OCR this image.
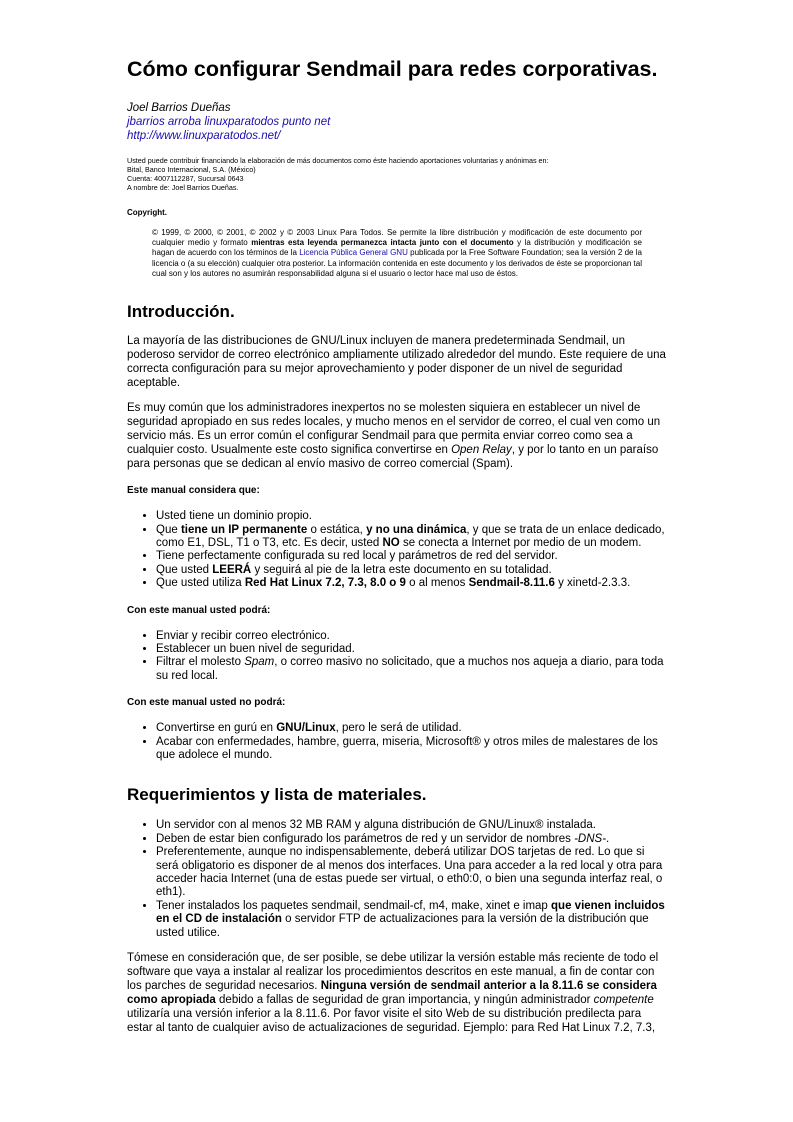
Cómo configurar Sendmail para redes corporativas.
Joel Barrios Dueñas
jbarrios arroba linuxparatodos punto net
http://www.linuxparatodos.net/
Usted puede contribuir financiando la elaboración de más documentos como éste haciendo aportaciones voluntarias y anónimas en:
Bital, Banco Internacional, S.A. (México)
Cuenta: 4007112287, Sucursal 0643
A nombre de: Joel Barrios Dueñas.
Copyright.
© 1999, © 2000, © 2001, © 2002 y © 2003 Linux Para Todos. Se permite la libre distribución y modificación de este documento por cualquier medio y formato mientras esta leyenda permanezca intacta junto con el documento y la distribución y modificación se hagan de acuerdo con los términos de la Licencia Pública General GNU publicada por la Free Software Foundation; sea la versión 2 de la licencia o (a su elección) cualquier otra posterior. La información contenida en este documento y los derivados de éste se proporcionan tal cual son y los autores no asumirán responsabilidad alguna si el usuario o lector hace mal uso de éstos.
Introducción.

La mayoría de las distribuciones de GNU/Linux incluyen de manera predeterminada Sendmail, un poderoso servidor de correo electrónico ampliamente utilizado alrededor del mundo. Este requiere de una correcta configuración para su mejor aprovechamiento y poder disponer de un nivel de seguridad aceptable.

Es muy común que los administradores inexpertos no se molesten siquiera en establecer un nivel de seguridad apropiado en sus redes locales, y mucho menos en el servidor de correo, el cual ven como un servicio más. Es un error común el configurar Sendmail para que permita enviar correo como sea a cualquier costo. Usualmente este costo significa convertirse en Open Relay, y por lo tanto en un paraíso para personas que se dedican al envío masivo de correo comercial (Spam).

Este manual considera que:
• Usted tiene un dominio propio.
• Que tiene un IP permanente o estática, y no una dinámica, y que se trata de un enlace dedicado, como E1, DSL, T1 o T3, etc. Es decir, usted NO se conecta a Internet por medio de un modem.
• Tiene perfectamente configurada su red local y parámetros de red del servidor.
• Que usted LEERÁ y seguirá al pie de la letra este documento en su totalidad.
• Que usted utiliza Red Hat Linux 7.2, 7.3, 8.0 o 9 o al menos Sendmail-8.11.6 y xinetd-2.3.3.
Con este manual usted podrá:
• Enviar y recibir correo electrónico.
• Establecer un buen nivel de seguridad.
• Filtrar el molesto Spam, o correo masivo no solicitado, que a muchos nos aqueja a diario, para toda su red local.
Con este manual usted no podrá:
• Convertirse en gurú en GNU/Linux, pero le será de utilidad.
• Acabar con enfermedades, hambre, guerra, miseria, Microsoft® y otros miles de malestares de los que adolece el mundo.
Requerimientos y lista de materiales.
• Un servidor con al menos 32 MB RAM y alguna distribución de GNU/Linux® instalada.
• Deben de estar bien configurado los parámetros de red y un servidor de nombres -DNS-.
• Preferentemente, aunque no indispensablemente, deberá utilizar DOS tarjetas de red. Lo que si será obligatorio es disponer de al menos dos interfaces. Una para acceder a la red local y otra para acceder hacia Internet (una de estas puede ser virtual, o eth0:0, o bien una segunda interfaz real, o eth1).
• Tener instalados los paquetes sendmail, sendmail-cf, m4, make, xinet e imap que vienen incluidos en el CD de instalación o servidor FTP de actualizaciones para la versión de la distribución que usted utilice.

Tómese en consideración que, de ser posible, se debe utilizar la versión estable más reciente de todo el software que vaya a instalar al realizar los procedimientos descritos en este manual, a fin de contar con los parches de seguridad necesarios. Ninguna versión de sendmail anterior a la 8.11.6 se considera como apropiada debido a fallas de seguridad de gran importancia, y ningún administrador competente utilizaría una versión inferior a la 8.11.6. Por favor visite el sito Web de su distribución predilecta para estar al tanto de cualquier aviso de actualizaciones de seguridad. Ejemplo: para Red Hat Linux 7.2, 7.3,
